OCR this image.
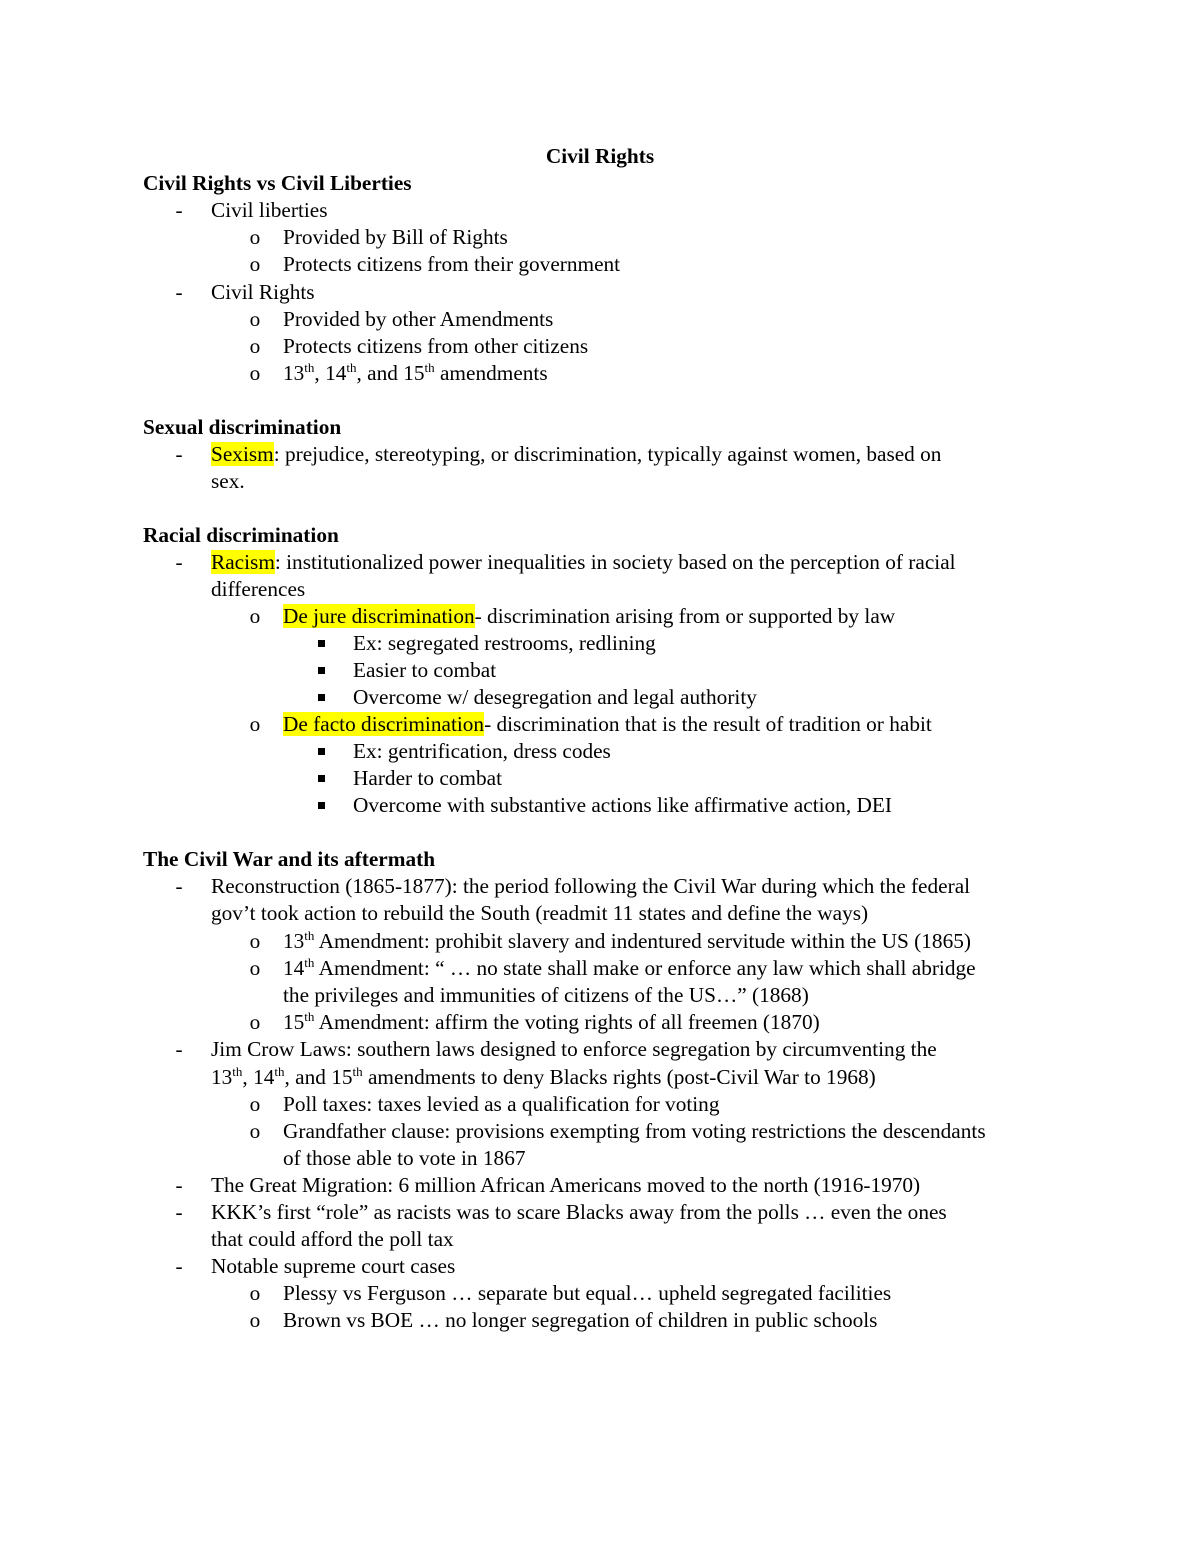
Civil Rights
Civil Rights vs Civil Liberties
- Civil liberties
o Provided by Bill of Rights
o Protects citizens from their government
- Civil Rights
o Provided by other Amendments
o Protects citizens from other citizens
o 13th, 14th, and 15th amendments
Sexual discrimination
- Sexism: prejudice, stereotyping, or discrimination, typically against women, based on
sex.
Racial discrimination
- Racism: institutionalized power inequalities in society based on the perception of racial
differences
o De jure discrimination- discrimination arising from or supported by law
Ex: segregated restrooms, redlining
Easier to combat
Overcome w/ desegregation and legal authority
o De facto discrimination- discrimination that is the result of tradition or habit
Ex: gentrification, dress codes
Harder to combat
Overcome with substantive actions like affirmative action, DEI
The Civil War and its aftermath
- Reconstruction (1865-1877): the period following the Civil War during which the federal
gov’t took action to rebuild the South (readmit 11 states and define the ways)
o 13th Amendment: prohibit slavery and indentured servitude within the US (1865)
o 14th Amendment: “ … no state shall make or enforce any law which shall abridge
the privileges and immunities of citizens of the US…” (1868)
o 15th Amendment: affirm the voting rights of all freemen (1870)
- Jim Crow Laws: southern laws designed to enforce segregation by circumventing the
13th, 14th, and 15th amendments to deny Blacks rights (post-Civil War to 1968)
o Poll taxes: taxes levied as a qualification for voting
o Grandfather clause: provisions exempting from voting restrictions the descendants
of those able to vote in 1867
- The Great Migration: 6 million African Americans moved to the north (1916-1970)
- KKK’s first “role” as racists was to scare Blacks away from the polls … even the ones
that could afford the poll tax
- Notable supreme court cases
o Plessy vs Ferguson … separate but equal… upheld segregated facilities
o Brown vs BOE … no longer segregation of children in public schools
